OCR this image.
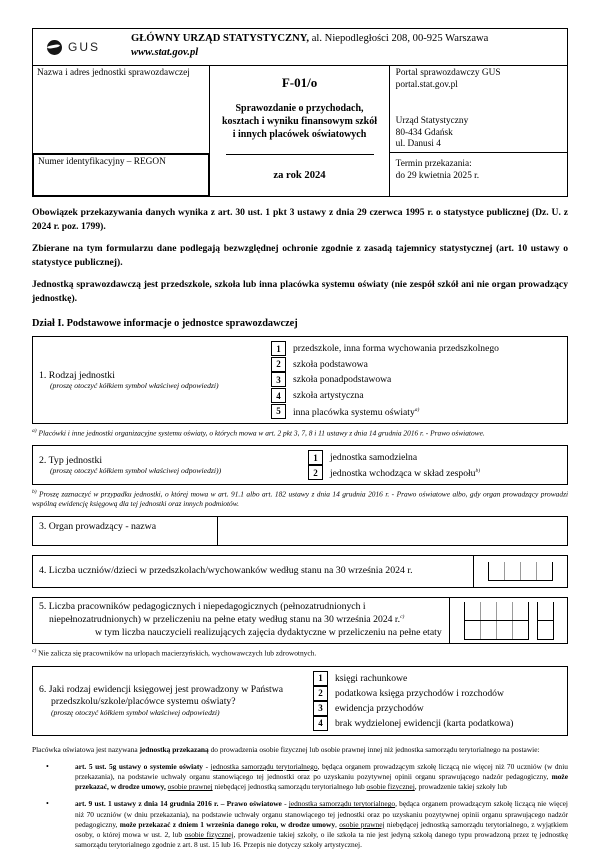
GUS
GŁÓWNY URZĄD STATYSTYCZNY, al. Niepodległości 208, 00-925 Warszawa
www.stat.gov.pl
Nazwa i adres jednostki sprawozdawczej
Numer identyfikacyjny – REGON
F-01/o
Sprawozdanie o przychodach,
kosztach i wyniku finansowym szkół
i innych placówek oświatowych
za rok 2024
Portal sprawozdawczy GUS
portal.stat.gov.pl
Urząd Statystyczny
80-434 Gdańsk
ul. Danusi 4
Termin przekazania:
do 29 kwietnia 2025 r.

Obowiązek przekazywania danych wynika z art. 30 ust. 1 pkt 3 ustawy z dnia 29 czerwca 1995 r. o statystyce publicznej (Dz. U. z 2024 r. poz. 1799).

Zbierane na tym formularzu dane podlegają bezwzględnej ochronie zgodnie z zasadą tajemnicy statystycznej (art. 10 ustawy o statystyce publicznej).

Jednostką sprawozdawczą jest przedszkole, szkoła lub inna placówka systemu oświaty (nie zespół szkół ani nie organ prowadzący jednostkę).

Dział I. Podstawowe informacje o jednostce sprawozdawczej
1. Rodzaj jednostki
(proszę otoczyć kółkiem symbol właściwej odpowiedzi)
1	przedszkole, inna forma wychowania przedszkolnego
2	szkoła podstawowa
3	szkoła ponadpodstawowa
4	szkoła artystyczna
5	inna placówka systemu oświaty$^{a)}$
$^{a)}$ Placówki i inne jednostki organizacyjne systemu oświaty, o których mowa w art. 2 pkt 3, 7, 8 i 11 ustawy z dnia 14 grudnia 2016 r. - Prawo oświatowe.
2. Typ jednostki
(proszę otoczyć kółkiem symbol właściwej odpowiedzi))
1	jednostka samodzielna
2	jednostka wchodząca w skład zespołu$^{b)}$
$^{b)}$ Proszę zaznaczyć w przypadku jednostki, o której mowa w art. 91.1 albo art. 182 ustawy z dnia 14 grudnia 2016 r. - Prawo oświatowe albo, gdy organ prowadzący prowadzi wspólną ewidencję księgową dla tej jednostki oraz innych podmiotów.
3. Organ prowadzący - nazwa
4. Liczba uczniów/dzieci w przedszkolach/wychowanków według stanu na 30 września 2024 r.
5. Liczba pracowników pedagogicznych i niepedagogicznych (pełnozatrudnionych i niepełnozatrudnionych) w przeliczeniu na pełne etaty według stanu na 30 września 2024 r.$^{c)}$
w tym liczba nauczycieli realizujących zajęcia dydaktyczne w przeliczeniu na pełne etaty
$^{c)}$ Nie zalicza się pracowników na urlopach macierzyńskich, wychowawczych lub zdrowotnych.
6. Jaki rodzaj ewidencji księgowej jest prowadzony w Państwa przedszkolu/szkole/placówce systemu oświaty?
(proszę otoczyć kółkiem symbol właściwej odpowiedzi)
1	księgi rachunkowe
2	podatkowa księga przychodów i rozchodów
3	ewidencja przychodów
4	brak wydzielonej ewidencji (karta podatkowa)

Placówka oświatowa jest nazywana jednostką przekazaną do prowadzenia osobie fizycznej lub osobie prawnej innej niż jednostka samorządu terytorialnego na postawie:

•	art. 5 ust. 5g ustawy o systemie oświaty - jednostka samorządu terytorialnego, będąca organem prowadzącym szkołę liczącą nie więcej niż 70 uczniów (w dniu przekazania), na podstawie uchwały organu stanowiącego tej jednostki oraz po uzyskaniu pozytywnej opinii organu sprawującego nadzór pedagogiczny, może przekazać, w drodze umowy, osobie prawnej niebędącej jednostką samorządu terytorialnego lub osobie fizycznej, prowadzenie takiej szkoły lub
•	art. 9 ust. 1 ustawy z dnia 14 grudnia 2016 r. – Prawo oświatowe - jednostka samorządu terytorialnego, będąca organem prowadzącym szkołę liczącą nie więcej niż 70 uczniów (w dniu przekazania), na podstawie uchwały organu stanowiącego tej jednostki oraz po uzyskaniu pozytywnej opinii organu sprawującego nadzór pedagogiczny, może przekazać z dniem 1 września danego roku, w drodze umowy, osobie prawnej niebędącej jednostką samorządu terytorialnego, z wyjątkiem osoby, o której mowa w ust. 2, lub osobie fizycznej, prowadzenie takiej szkoły, o ile szkoła ta nie jest jedyną szkołą danego typu prowadzoną przez tę jednostkę samorządu terytorialnego zgodnie z art. 8 ust. 15 lub 16. Przepis nie dotyczy szkoły artystycznej.
